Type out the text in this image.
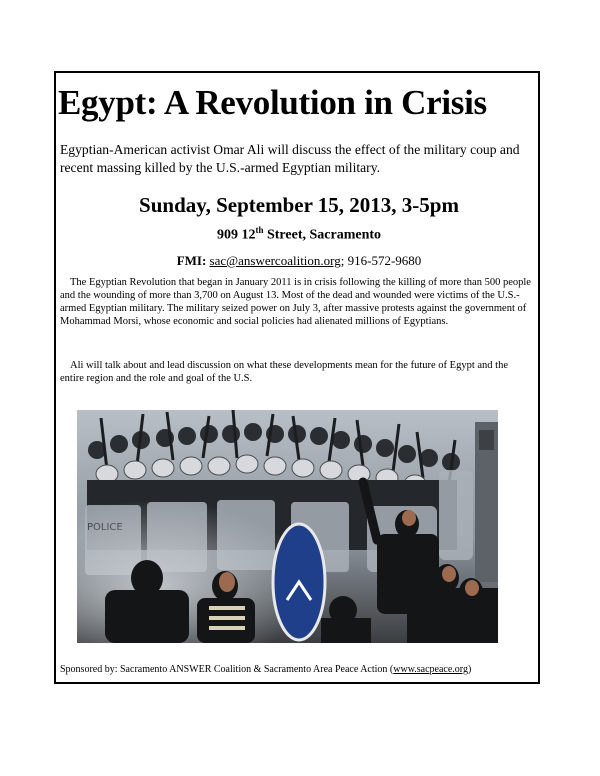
Egypt: A Revolution in Crisis
Egyptian-American activist Omar Ali will discuss the effect of the military coup and recent massing killed by the U.S.-armed Egyptian military.
Sunday, September 15, 2013, 3-5pm
909 12th Street, Sacramento
FMI: sac@answercoalition.org; 916-572-9680
The Egyptian Revolution that began in January 2011 is in crisis following the killing of more than 500 people and the wounding of more than 3,700 on August 13. Most of the dead and wounded were victims of the U.S.-armed Egyptian military. The military seized power on July 3, after massive protests against the government of Mohammad Morsi, whose economic and social policies had alienated millions of Egyptians.
Ali will talk about and lead discussion on what these developments mean for the future of Egypt and the entire region and the role and goal of the U.S.
Sponsored by: Sacramento ANSWER Coalition & Sacramento Area Peace Action (www.sacpeace.org)
